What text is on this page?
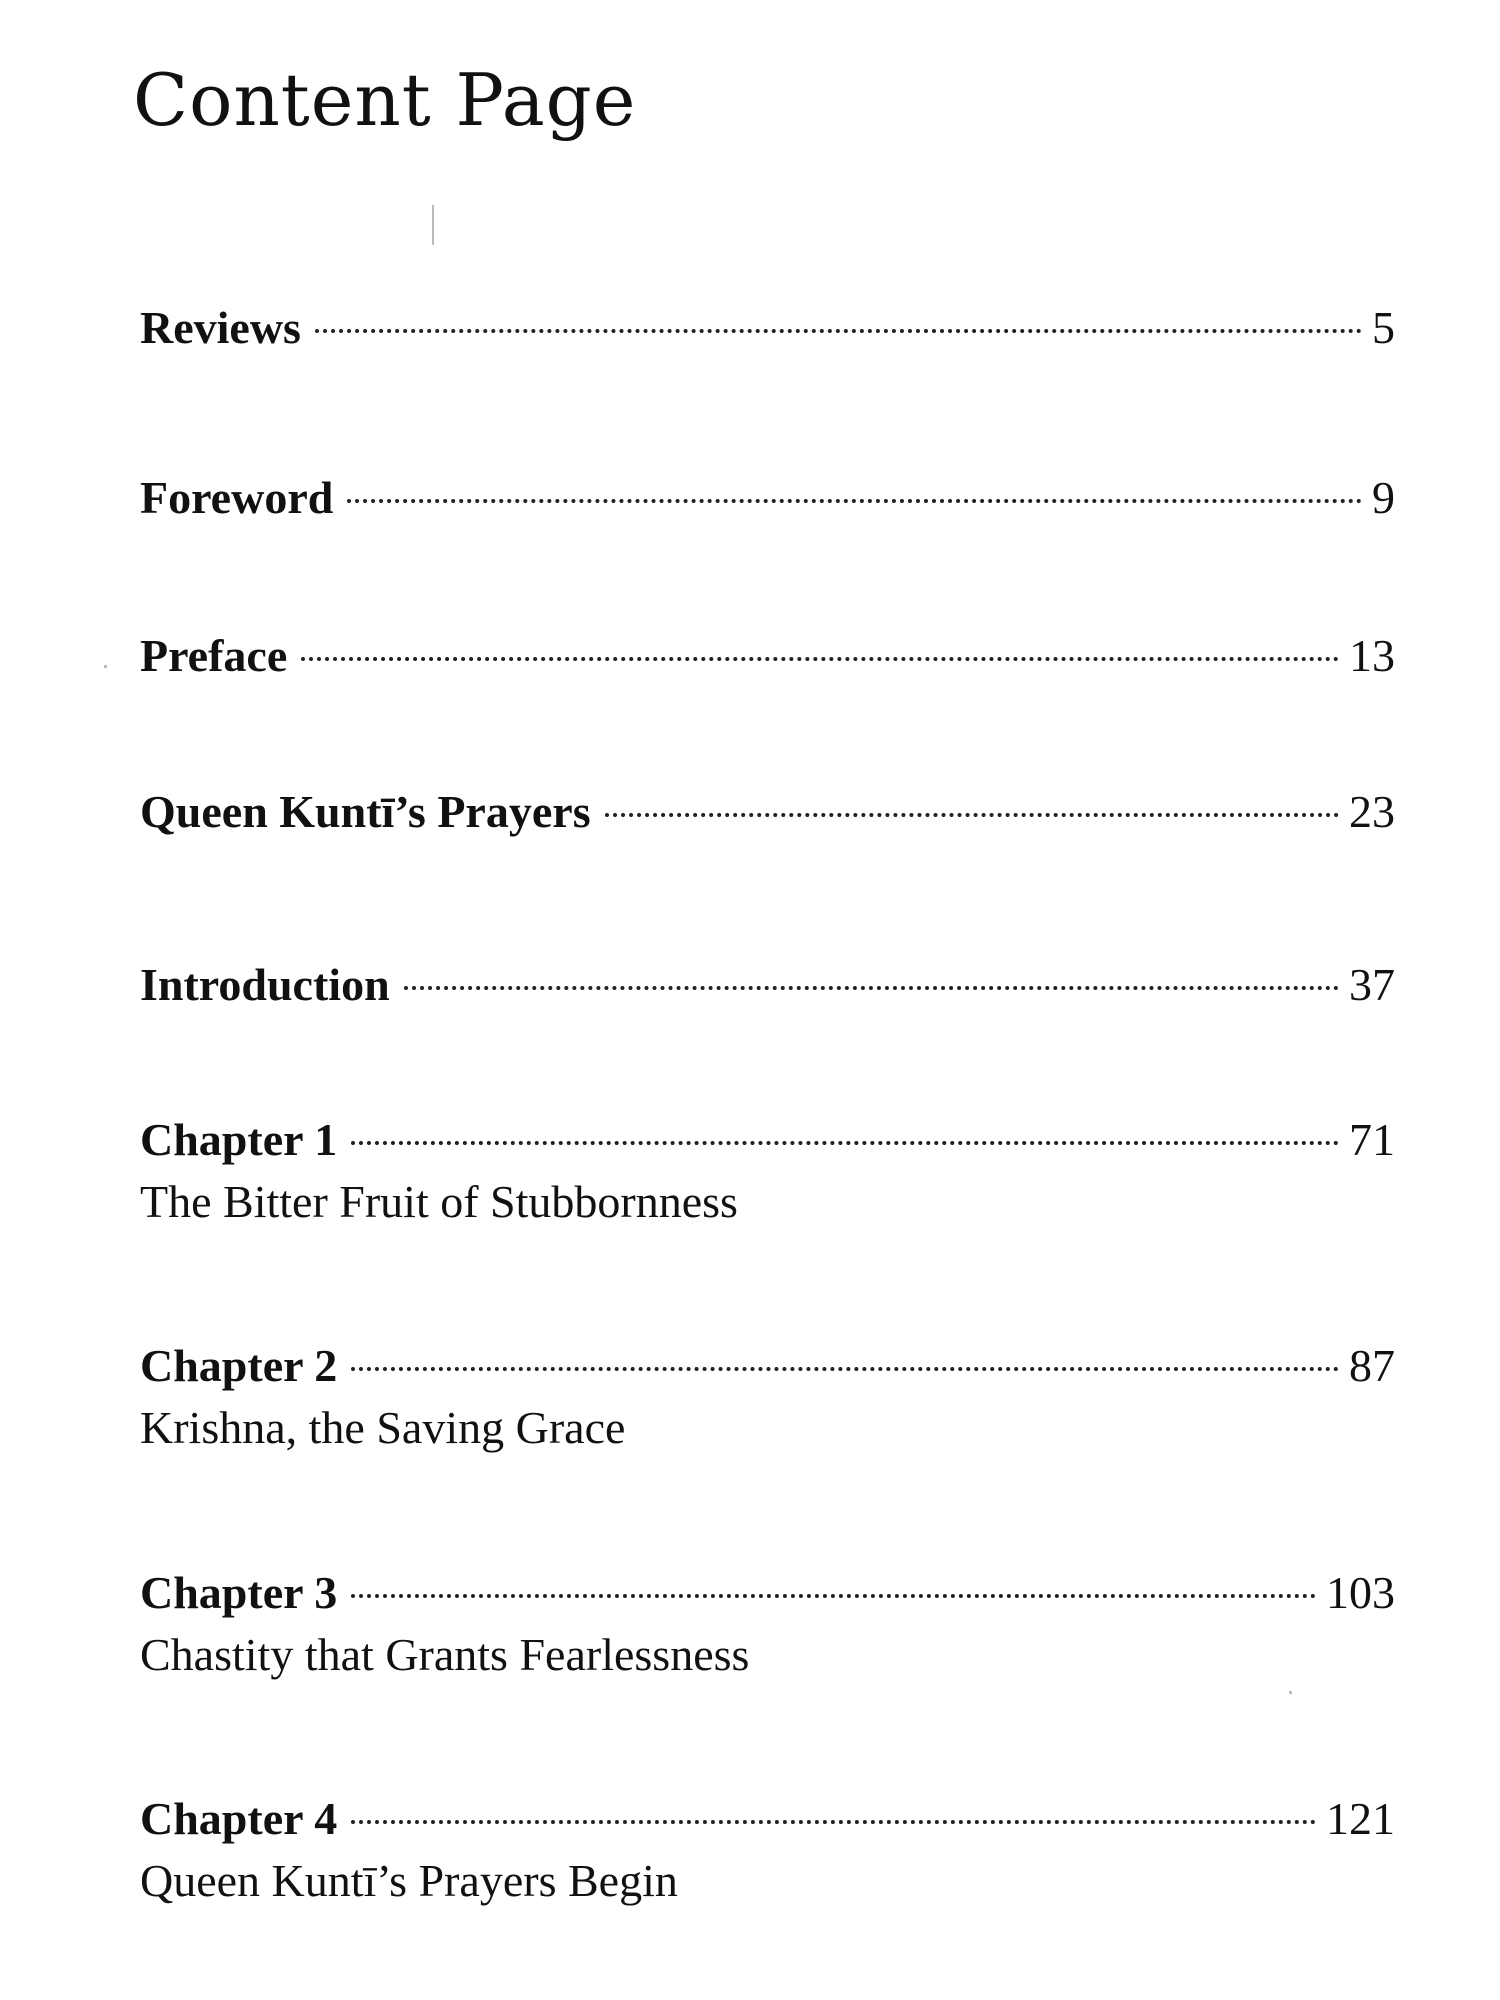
Content Page
Reviews	5
Foreword	9
Preface	13
Queen Kuntī’s Prayers	23
Introduction	37
Chapter 1	71
The Bitter Fruit of Stubbornness
Chapter 2	87
Krishna, the Saving Grace
Chapter 3	103
Chastity that Grants Fearlessness
Chapter 4	121
Queen Kuntī’s Prayers Begin
